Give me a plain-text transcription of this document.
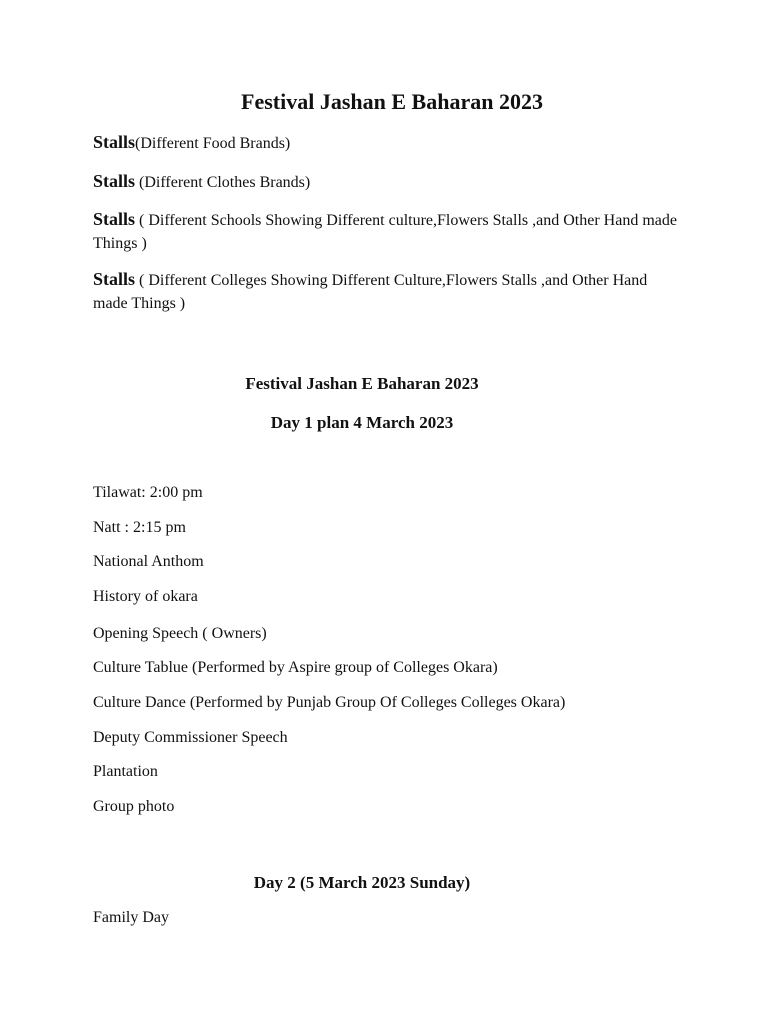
Festival Jashan E Baharan 2023
Stalls(Different Food Brands)
Stalls (Different Clothes Brands)
Stalls ( Different Schools Showing Different culture,Flowers Stalls ,and Other Hand made Things )
Stalls ( Different Colleges Showing Different Culture,Flowers Stalls ,and Other Hand made Things )
Festival Jashan E Baharan 2023
Day 1 plan 4 March 2023
Tilawat: 2:00 pm
Natt : 2:15 pm
National Anthom
History of okara
Opening Speech ( Owners)
Culture Tablue (Performed by Aspire group of Colleges Okara)
Culture Dance (Performed by Punjab Group Of Colleges Colleges Okara)
Deputy Commissioner Speech
Plantation
Group photo
Day 2 (5 March 2023 Sunday)
Family Day
